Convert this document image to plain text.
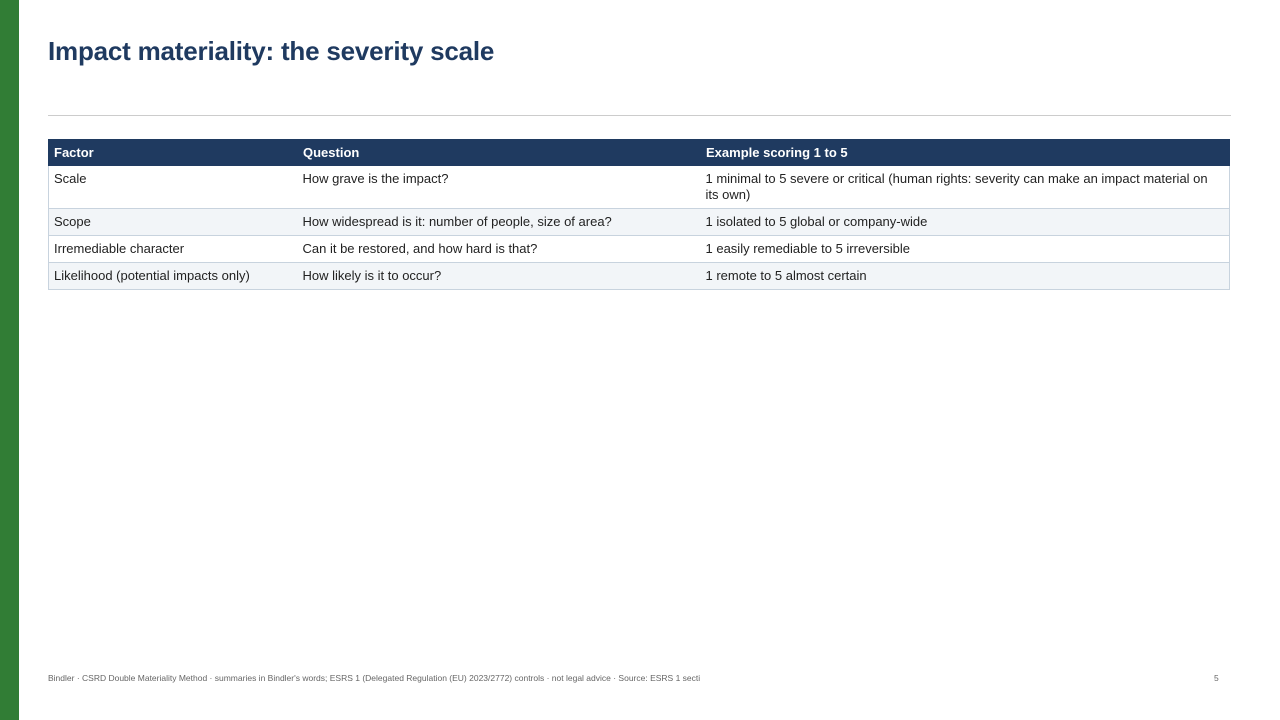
Impact materiality: the severity scale
Factor	Question	Example scoring 1 to 5
Scale	How grave is the impact?	1 minimal to 5 severe or critical (human rights: severity can make an impact material on its own)
Scope	How widespread is it: number of people, size of area?	1 isolated to 5 global or company-wide
Irremediable character	Can it be restored, and how hard is that?	1 easily remediable to 5 irreversible
Likelihood (potential impacts only)	How likely is it to occur?	1 remote to 5 almost certain
Bindler · CSRD Double Materiality Method · summaries in Bindler's words; ESRS 1 (Delegated Regulation (EU) 2023/2772) controls · not legal advice · Source: ESRS 1 secti	5
